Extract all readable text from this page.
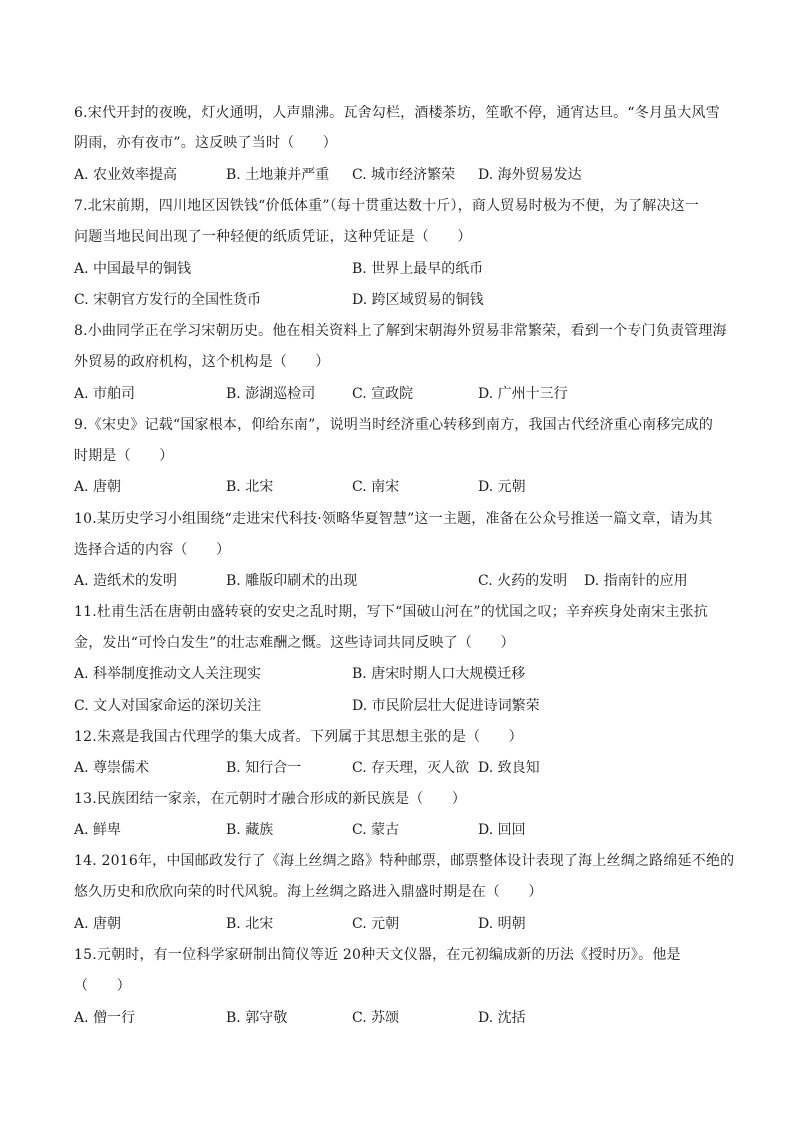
6.宋代开封的夜晚，灯火通明，人声鼎沸。瓦舍勾栏，酒楼茶坊，笙歌不停，通宵达旦。“冬月虽大风雪
阴雨，亦有夜市”。这反映了当时（　　）
A. 农业效率提高	B. 土地兼并严重 C. 城市经济繁荣 D. 海外贸易发达
7.北宋前期，四川地区因铁钱“价低体重”（每十贯重达数十斤），商人贸易时极为不便，为了解决这一
问题当地民间出现了一种轻便的纸质凭证，这种凭证是（　　）
A. 中国最早的铜钱	B. 世界上最早的纸币
C. 宋朝官方发行的全国性货币	D. 跨区域贸易的铜钱
8.小曲同学正在学习宋朝历史。他在相关资料上了解到宋朝海外贸易非常繁荣，看到一个专门负责管理海
外贸易的政府机构，这个机构是（　　）
A. 市舶司	B. 澎湖巡检司	C. 宣政院	D. 广州十三行
9.《宋史》记载“国家根本，仰给东南”，说明当时经济重心转移到南方，我国古代经济重心南移完成的
时期是（　　）
A. 唐朝	B. 北宋	C. 南宋	D. 元朝
10.某历史学习小组围绕“走进宋代科技·领略华夏智慧”这一主题，准备在公众号推送一篇文章，请为其
选择合适的内容（　　）
A. 造纸术的发明	B. 雕版印刷术的出现	C. 火药的发明 D. 指南针的应用
11.杜甫生活在唐朝由盛转衰的安史之乱时期，写下“国破山河在”的忧国之叹；辛弃疾身处南宋主张抗
金，发出“可怜白发生”的壮志难酬之慨。这些诗词共同反映了（　　）
A. 科举制度推动文人关注现实	B. 唐宋时期人口大规模迁移
C. 文人对国家命运的深切关注	D. 市民阶层壮大促进诗词繁荣
12.朱熹是我国古代理学的集大成者。下列属于其思想主张的是（　　）
A. 尊崇儒术	B. 知行合一	C. 存天理，灭人欲 D. 致良知
13.民族团结一家亲，在元朝时才融合形成的新民族是（　　）
A. 鲜卑	B. 藏族	C. 蒙古	D. 回回
14. 2016年，中国邮政发行了《海上丝绸之路》特种邮票，邮票整体设计表现了海上丝绸之路绵延不绝的
悠久历史和欣欣向荣的时代风貌。海上丝绸之路进入鼎盛时期是在（　　）
A. 唐朝	B. 北宋	C. 元朝	D. 明朝
15.元朝时，有一位科学家研制出简仪等近 20种天文仪器，在元初编成新的历法《授时历》。他是
（　　）
A. 僧一行	B. 郭守敬	C. 苏颂	D. 沈括
